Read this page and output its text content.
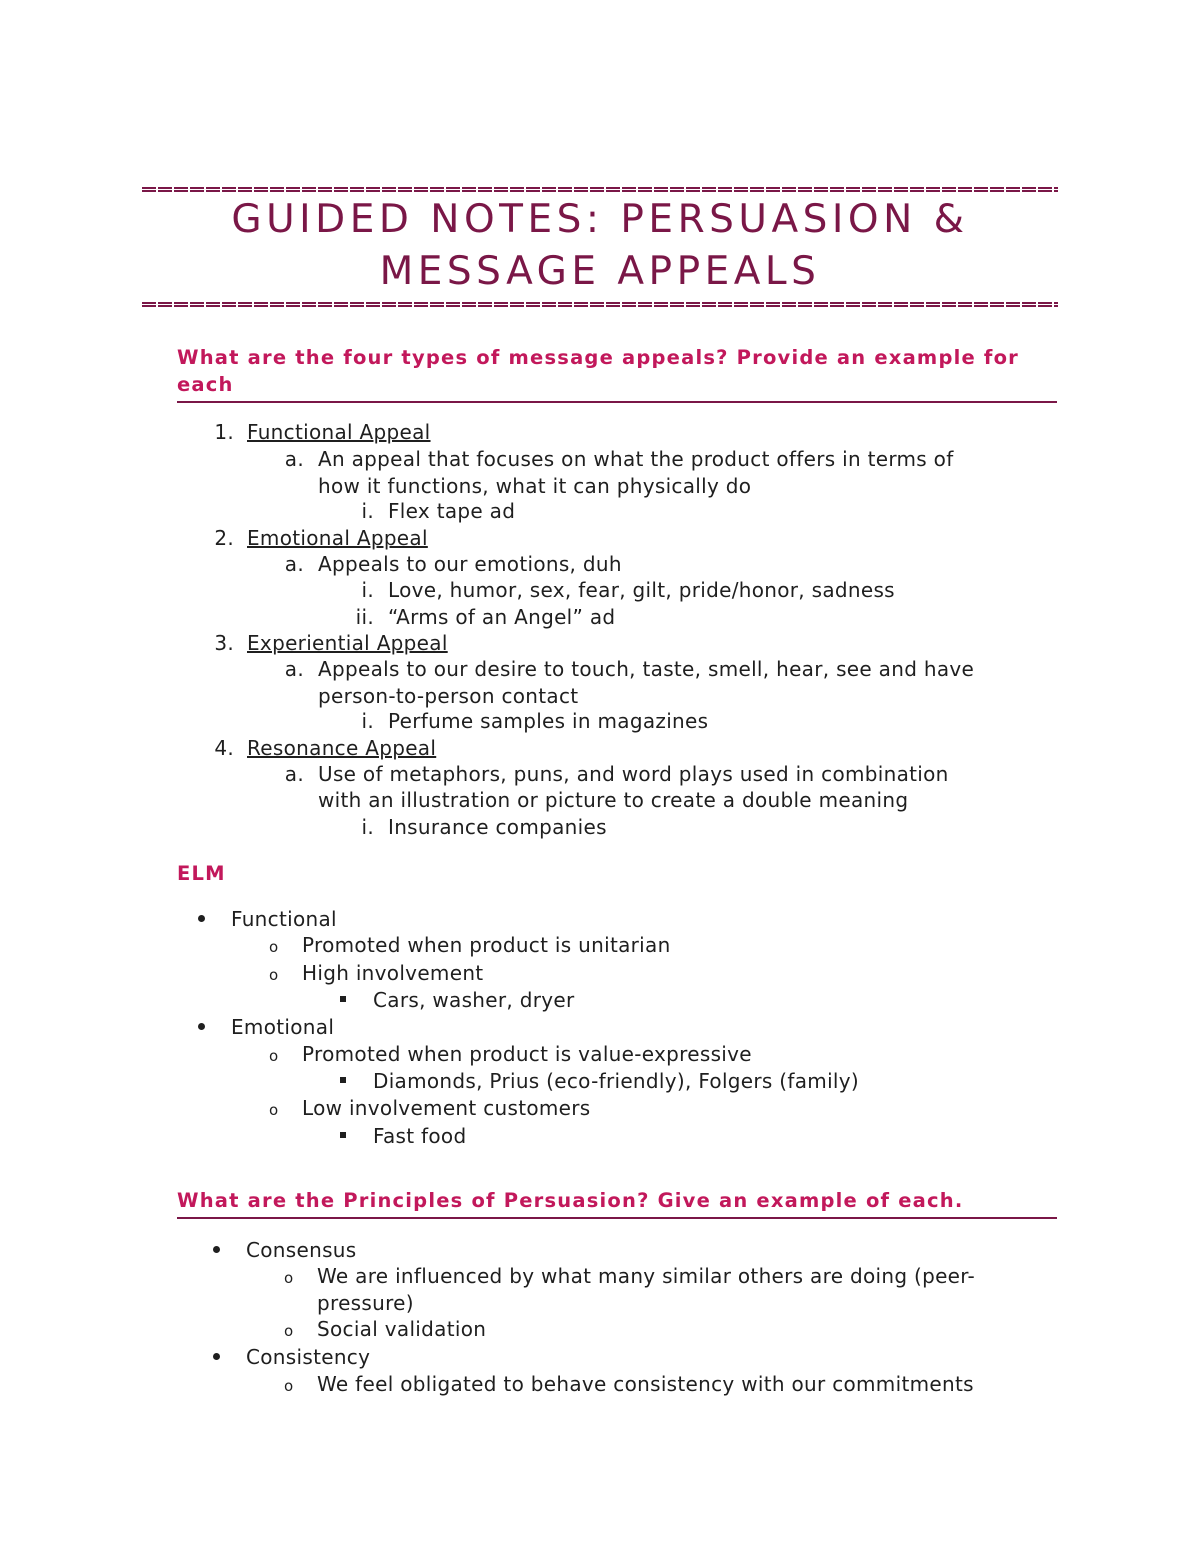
GUIDED NOTES: PERSUASION &
MESSAGE APPEALS
What are the four types of message appeals? Provide an example for each
1. Functional Appeal
a. An appeal that focuses on what the product offers in terms of
how it functions, what it can physically do
i. Flex tape ad
2. Emotional Appeal
a. Appeals to our emotions, duh
i. Love, humor, sex, fear, gilt, pride/honor, sadness
ii. “Arms of an Angel” ad
3. Experiential Appeal
a. Appeals to our desire to touch, taste, smell, hear, see and have
person-to-person contact
i. Perfume samples in magazines
4. Resonance Appeal
a. Use of metaphors, puns, and word plays used in combination
with an illustration or picture to create a double meaning
i. Insurance companies
ELM
Functional
o Promoted when product is unitarian
o High involvement
Cars, washer, dryer
Emotional
o Promoted when product is value-expressive
Diamonds, Prius (eco-friendly), Folgers (family)
o Low involvement customers
Fast food
What are the Principles of Persuasion? Give an example of each.
Consensus
o We are influenced by what many similar others are doing (peer-
pressure)
o Social validation
Consistency
o We feel obligated to behave consistency with our commitments
